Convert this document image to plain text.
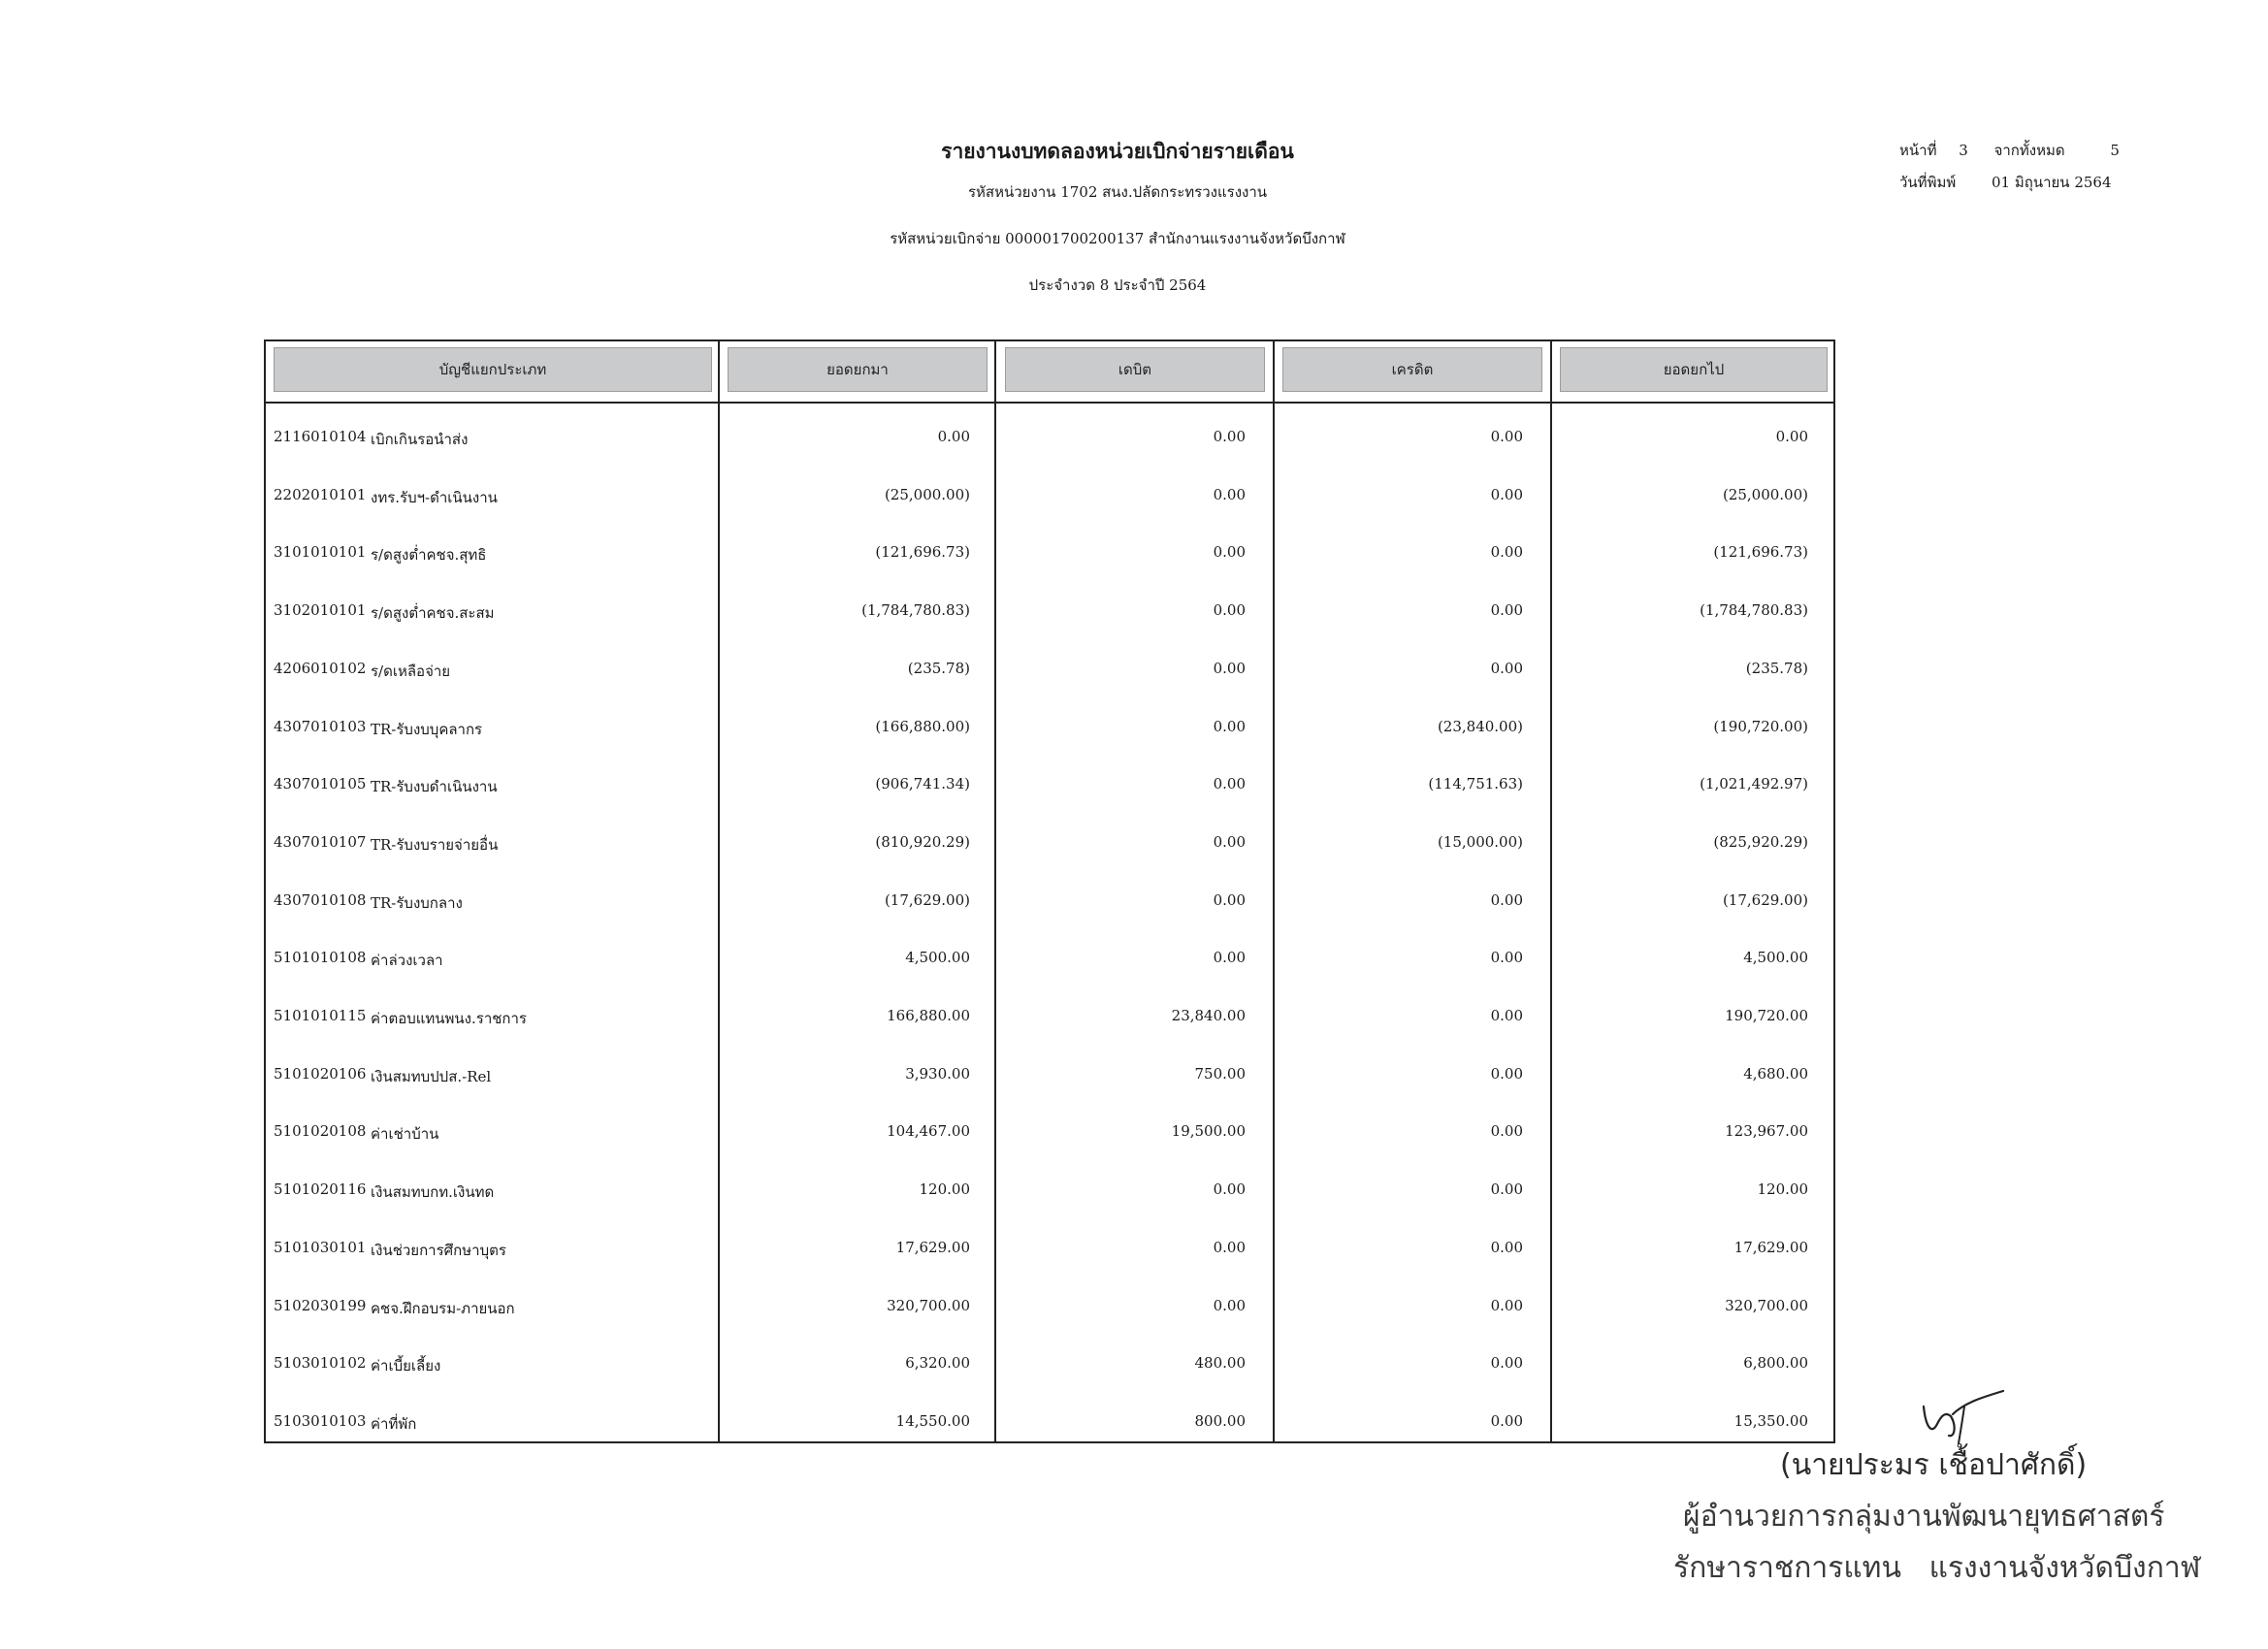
รายงานงบทดลองหน่วยเบิกจ่ายรายเดือน
รหัสหน่วยงาน 1702 สนง.ปลัดกระทรวงแรงงาน
รหัสหน่วยเบิกจ่าย 000001700200137 สำนักงานแรงงานจังหวัดบึงกาฬ
ประจำงวด 8 ประจำปี 2564
หน้าที่ 3 จากทั้งหมด	5
วันที่พิมพ์ 01 มิถุนายน 2564
บัญชีแยกประเภท	ยอดยกมา	เดบิต	เครดิต	ยอดยกไป
2116010104 เบิกเกินรอนำส่ง	0.00	0.00	0.00	0.00
2202010101 งทร.รับฯ-ดำเนินงาน	(25,000.00)	0.00	0.00	(25,000.00)
3101010101 ร/ดสูงต่ำคชจ.สุทธิ	(121,696.73)	0.00	0.00	(121,696.73)
3102010101 ร/ดสูงต่ำคชจ.สะสม	(1,784,780.83)	0.00	0.00	(1,784,780.83)
4206010102 ร/ดเหลือจ่าย	(235.78)	0.00	0.00	(235.78)
4307010103 TR-รับงบบุคลากร	(166,880.00)	0.00	(23,840.00)	(190,720.00)
4307010105 TR-รับงบดำเนินงาน	(906,741.34)	0.00	(114,751.63)	(1,021,492.97)
4307010107 TR-รับงบรายจ่ายอื่น	(810,920.29)	0.00	(15,000.00)	(825,920.29)
4307010108 TR-รับงบกลาง	(17,629.00)	0.00	0.00	(17,629.00)
5101010108 ค่าล่วงเวลา	4,500.00	0.00	0.00	4,500.00
5101010115 ค่าตอบแทนพนง.ราชการ	166,880.00	23,840.00	0.00	190,720.00
5101020106 เงินสมทบปปส.-Rel	3,930.00	750.00	0.00	4,680.00
5101020108 ค่าเช่าบ้าน	104,467.00	19,500.00	0.00	123,967.00
5101020116 เงินสมทบกท.เงินทด	120.00	0.00	0.00	120.00
5101030101 เงินช่วยการศึกษาบุตร	17,629.00	0.00	0.00	17,629.00
5102030199 คชจ.ฝึกอบรม-ภายนอก	320,700.00	0.00	0.00	320,700.00
5103010102 ค่าเบี้ยเลี้ยง	6,320.00	480.00	0.00	6,800.00
5103010103 ค่าที่พัก	14,550.00	800.00	0.00	15,350.00
(นายประมร เชื้อปาศักดิ์)
ผู้อำนวยการกลุ่มงานพัฒนายุทธศาสตร์
รักษาราชการแทน แรงงานจังหวัดบึงกาฬ
